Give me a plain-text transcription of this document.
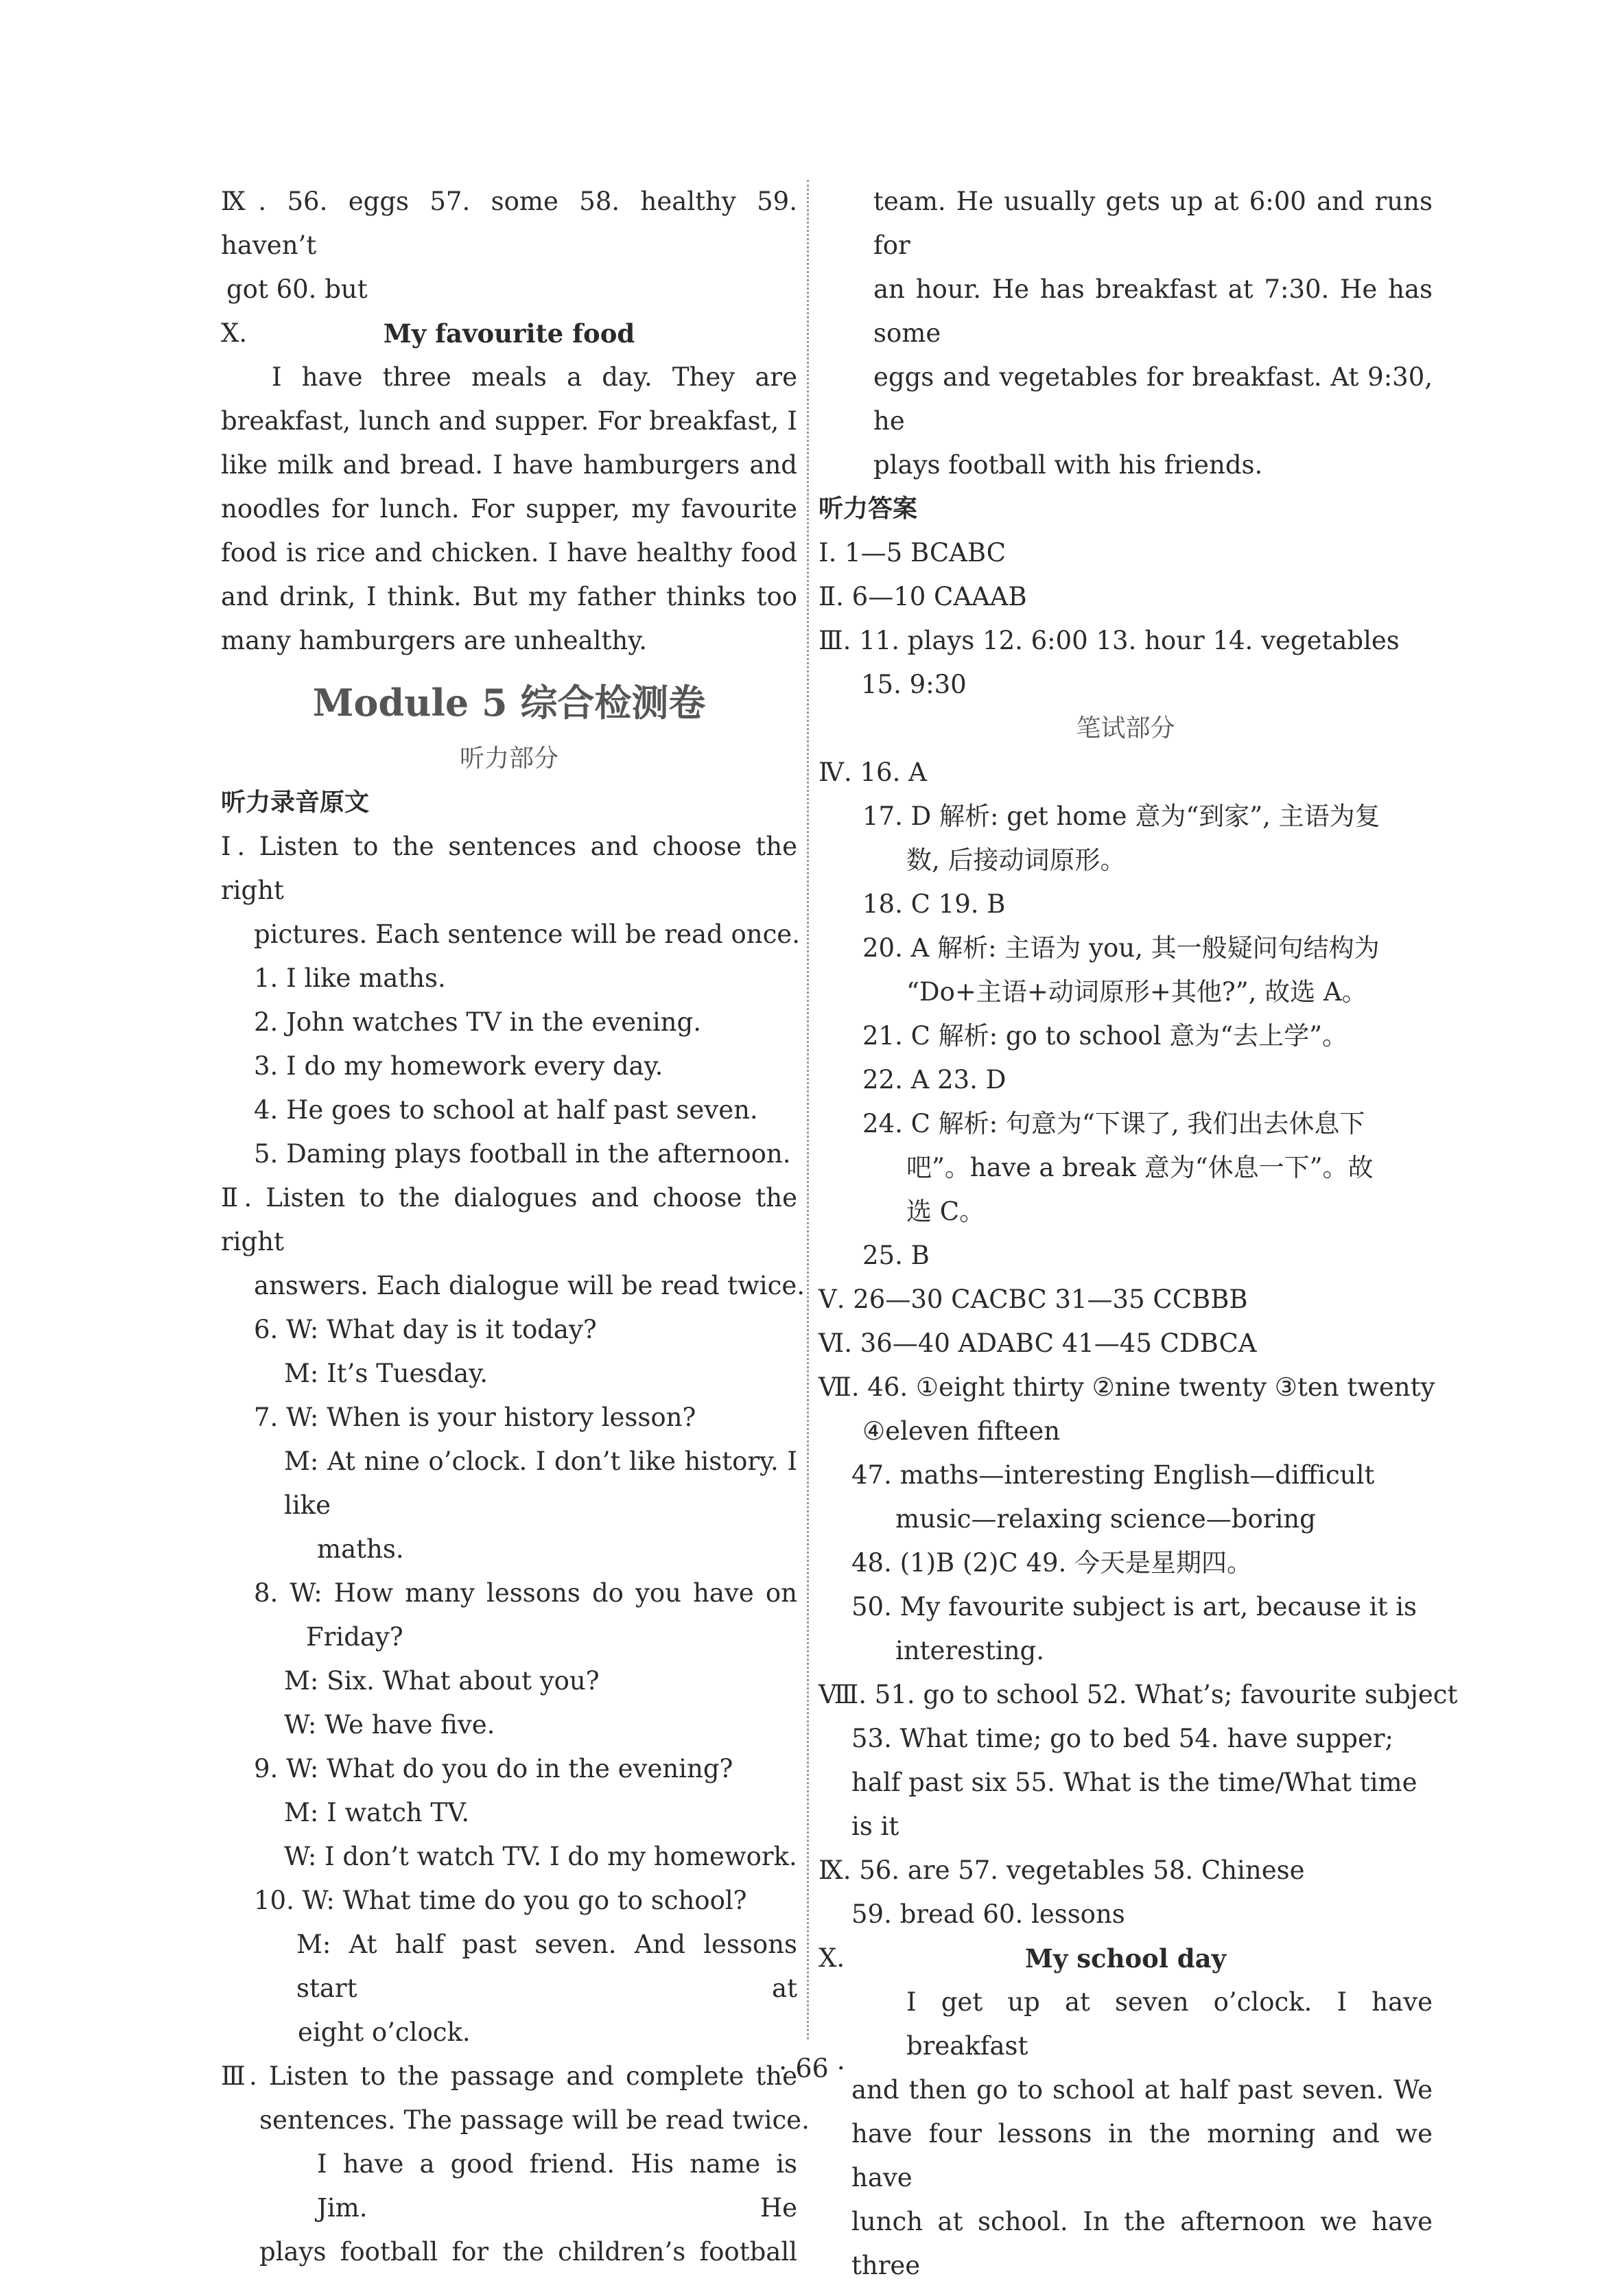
Ⅸ. 56. eggs 57. some 58. healthy 59. haven’t
got 60. but
Ⅹ.	My favourite food
I have three meals a day. They are
breakfast, lunch and supper. For breakfast, I
like milk and bread. I have hamburgers and
noodles for lunch. For supper, my favourite
food is rice and chicken. I have healthy food
and drink, I think. But my father thinks too
many hamburgers are unhealthy.
Module 5 综合检测卷
听力部分
听力录音原文
Ⅰ. Listen to the sentences and choose the right
pictures. Each sentence will be read once.
1. I like maths.
2. John watches TV in the evening.
3. I do my homework every day.
4. He goes to school at half past seven.
5. Daming plays football in the afternoon.
Ⅱ. Listen to the dialogues and choose the right
answers. Each dialogue will be read twice.
6. W: What day is it today?
M: It’s Tuesday.
7. W: When is your history lesson?
M: At nine o’clock. I don’t like history. I like
maths.
8. W: How many lessons do you have on
Friday?
M: Six. What about you?
W: We have five.
9. W: What do you do in the evening?
M: I watch TV.
W: I don’t watch TV. I do my homework.
10. W: What time do you go to school?
M: At half past seven. And lessons start at
eight o’clock.
Ⅲ. Listen to the passage and complete the
sentences. The passage will be read twice.
I have a good friend. His name is Jim. He
plays football for the children’s football
team. He usually gets up at 6:00 and runs for
an hour. He has breakfast at 7:30. He has some
eggs and vegetables for breakfast. At 9:30, he
plays football with his friends.
听力答案
Ⅰ. 1—5 BCABC
Ⅱ. 6—10 CAAAB
Ⅲ. 11. plays 12. 6:00 13. hour 14. vegetables
15. 9:30
笔试部分
Ⅳ. 16. A
17. D 解析: get home 意为“到家”, 主语为复
数, 后接动词原形。
18. C 19. B
20. A 解析: 主语为 you, 其一般疑问句结构为
“Do+主语+动词原形+其他?”, 故选 A。
21. C 解析: go to school 意为“去上学”。
22. A 23. D
24. C 解析: 句意为“下课了, 我们出去休息下
吧”。have a break 意为“休息一下”。故
选 C。
25. B
Ⅴ. 26—30 CACBC 31—35 CCBBB
Ⅵ. 36—40 ADABC 41—45 CDBCA
Ⅶ. 46. ①eight thirty ②nine twenty ③ten twenty
④eleven fifteen
47. maths—interesting English—difficult
music—relaxing science—boring
48. (1)B (2)C 49. 今天是星期四。
50. My favourite subject is art, because it is
interesting.
Ⅷ. 51. go to school 52. What’s; favourite subject
53. What time; go to bed 54. have supper;
half past six 55. What is the time/What time
is it
Ⅸ. 56. are 57. vegetables 58. Chinese
59. bread 60. lessons
Ⅹ.	My school day
I get up at seven o’clock. I have breakfast
and then go to school at half past seven. We
have four lessons in the morning and we have
lunch at school. In the afternoon we have three
· 66 ·
